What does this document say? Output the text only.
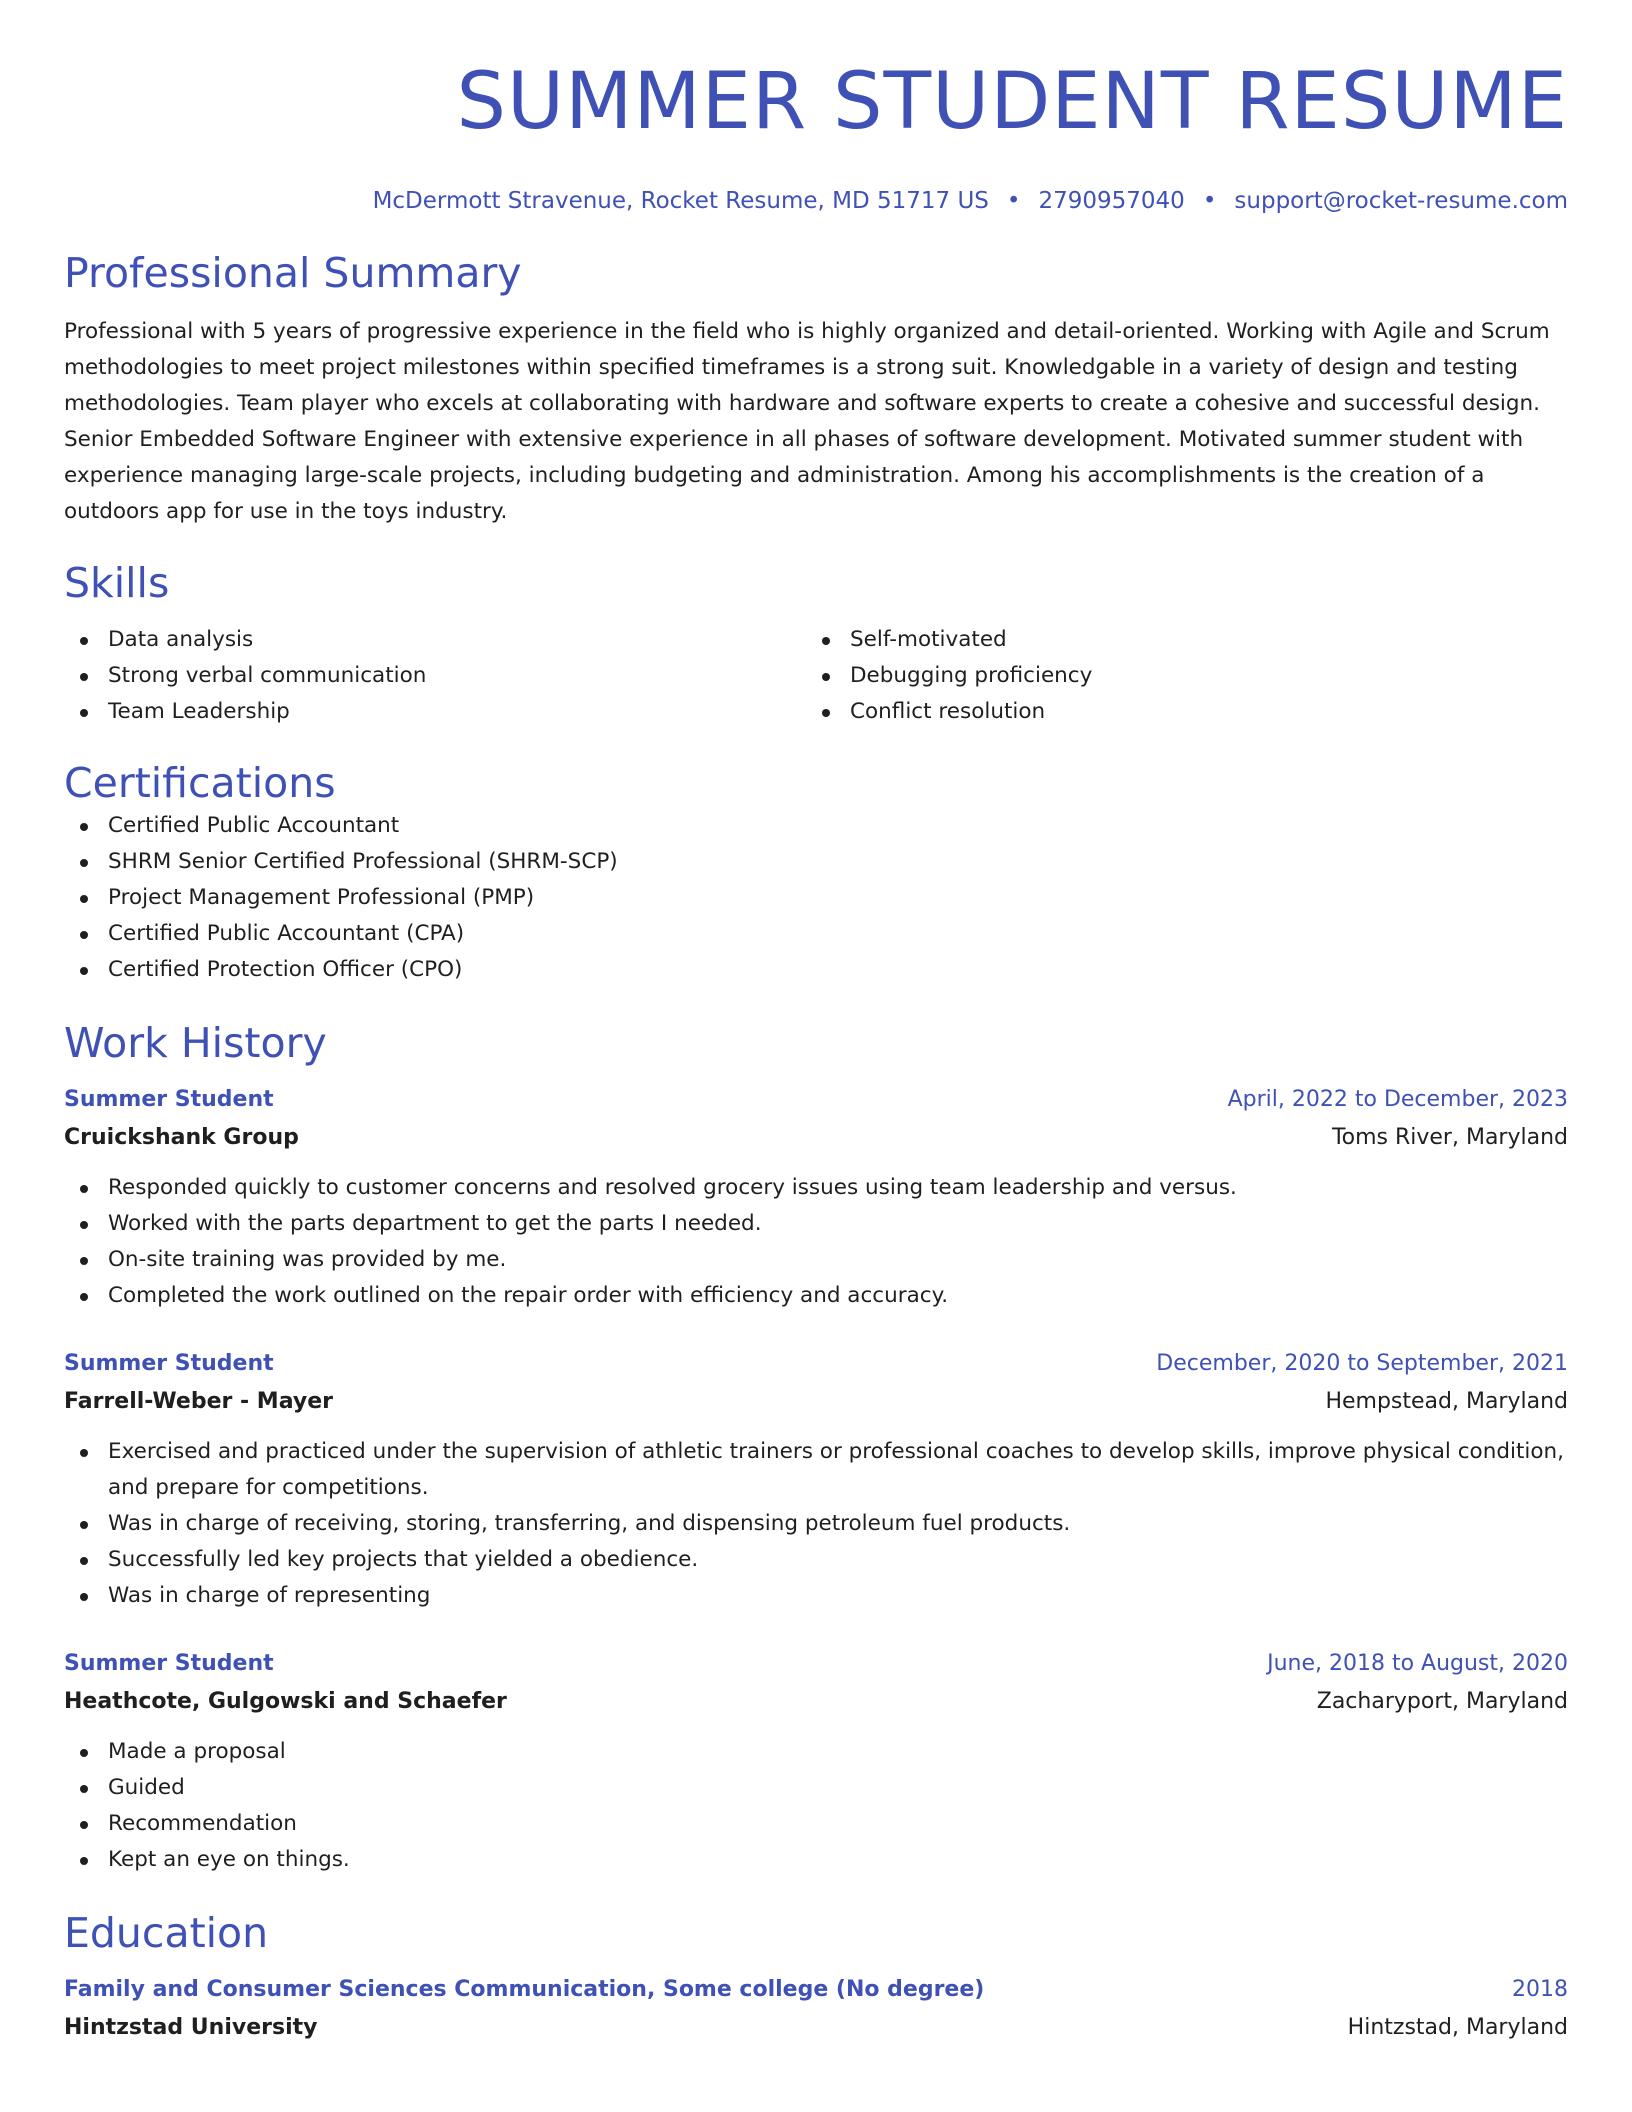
SUMMER STUDENT RESUME
McDermott Stravenue, Rocket Resume, MD 51717 US • 2790957040 • support@rocket-resume.com
Professional Summary

Professional with 5 years of progressive experience in the field who is highly organized and detail-oriented. Working with Agile and Scrum methodologies to meet project milestones within specified timeframes is a strong suit. Knowledgable in a variety of design and testing methodologies. Team player who excels at collaborating with hardware and software experts to create a cohesive and successful design. Senior Embedded Software Engineer with extensive experience in all phases of software development. Motivated summer student with experience managing large-scale projects, including budgeting and administration. Among his accomplishments is the creation of a outdoors app for use in the toys industry.

Skills
Data analysis
Strong verbal communication
Team Leadership
Self-motivated
Debugging proficiency
Conflict resolution
Certifications
Certified Public Accountant
SHRM Senior Certified Professional (SHRM-SCP)
Project Management Professional (PMP)
Certified Public Accountant (CPA)
Certified Protection Officer (CPO)
Work History
Summer Student	April, 2022 to December, 2023
Cruickshank Group	Toms River, Maryland
Responded quickly to customer concerns and resolved grocery issues using team leadership and versus.
Worked with the parts department to get the parts I needed.
On-site training was provided by me.
Completed the work outlined on the repair order with efficiency and accuracy.
Summer Student	December, 2020 to September, 2021
Farrell-Weber - Mayer	Hempstead, Maryland
Exercised and practiced under the supervision of athletic trainers or professional coaches to develop skills, improve physical condition, and prepare for competitions.
Was in charge of receiving, storing, transferring, and dispensing petroleum fuel products.
Successfully led key projects that yielded a obedience.
Was in charge of representing
Summer Student	June, 2018 to August, 2020
Heathcote, Gulgowski and Schaefer	Zacharyport, Maryland
Made a proposal
Guided
Recommendation
Kept an eye on things.
Education
Family and Consumer Sciences Communication, Some college (No degree)	2018
Hintzstad University	Hintzstad, Maryland
